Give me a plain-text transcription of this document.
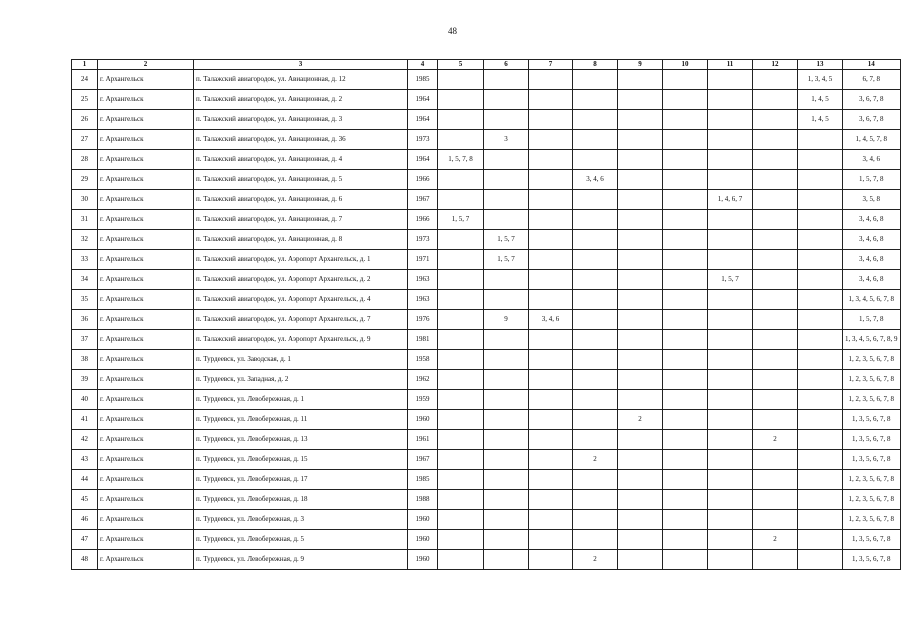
48
1	2	3	4	5	6	7	8	9	10	11	12	13	14
24	г. Архангельск	п. Талажский авиагородок, ул. Авиационная, д. 12	1985									1, 3, 4, 5	6, 7, 8
25	г. Архангельск	п. Талажский авиагородок, ул. Авиационная, д. 2	1964									1, 4, 5	3, 6, 7, 8
26	г. Архангельск	п. Талажский авиагородок, ул. Авиационная, д. 3	1964									1, 4, 5	3, 6, 7, 8
27	г. Архангельск	п. Талажский авиагородок, ул. Авиационная, д. 36	1973		3								1, 4, 5, 7, 8
28	г. Архангельск	п. Талажский авиагородок, ул. Авиационная, д. 4	1964	1, 5, 7, 8									3, 4, 6
29	г. Архангельск	п. Талажский авиагородок, ул. Авиационная, д. 5	1966				3, 4, 6						1, 5, 7, 8
30	г. Архангельск	п. Талажский авиагородок, ул. Авиационная, д. 6	1967							1, 4, 6, 7			3, 5, 8
31	г. Архангельск	п. Талажский авиагородок, ул. Авиационная, д. 7	1966	1, 5, 7									3, 4, 6, 8
32	г. Архангельск	п. Талажский авиагородок, ул. Авиационная, д. 8	1973		1, 5, 7								3, 4, 6, 8
33	г. Архангельск	п. Талажский авиагородок, ул. Аэропорт Архангельск, д. 1	1971		1, 5, 7								3, 4, 6, 8
34	г. Архангельск	п. Талажский авиагородок, ул. Аэропорт Архангельск, д. 2	1963							1, 5, 7			3, 4, 6, 8
35	г. Архангельск	п. Талажский авиагородок, ул. Аэропорт Архангельск, д. 4	1963										1, 3, 4, 5, 6, 7, 8
36	г. Архангельск	п. Талажский авиагородок, ул. Аэропорт Архангельск, д. 7	1976		9	3, 4, 6							1, 5, 7, 8
37	г. Архангельск	п. Талажский авиагородок, ул. Аэропорт Архангельск, д. 9	1981										1, 3, 4, 5, 6, 7, 8, 9
38	г. Архангельск	п. Турдеевск, ул. Заводская, д. 1	1958										1, 2, 3, 5, 6, 7, 8
39	г. Архангельск	п. Турдеевск, ул. Западная, д. 2	1962										1, 2, 3, 5, 6, 7, 8
40	г. Архангельск	п. Турдеевск, ул. Левобережная, д. 1	1959										1, 2, 3, 5, 6, 7, 8
41	г. Архангельск	п. Турдеевск, ул. Левобережная, д. 11	1960					2					1, 3, 5, 6, 7, 8
42	г. Архангельск	п. Турдеевск, ул. Левобережная, д. 13	1961								2		1, 3, 5, 6, 7, 8
43	г. Архангельск	п. Турдеевск, ул. Левобережная, д. 15	1967				2						1, 3, 5, 6, 7, 8
44	г. Архангельск	п. Турдеевск, ул. Левобережная, д. 17	1985										1, 2, 3, 5, 6, 7, 8
45	г. Архангельск	п. Турдеевск, ул. Левобережная, д. 18	1988										1, 2, 3, 5, 6, 7, 8
46	г. Архангельск	п. Турдеевск, ул. Левобережная, д. 3	1960										1, 2, 3, 5, 6, 7, 8
47	г. Архангельск	п. Турдеевск, ул. Левобережная, д. 5	1960								2		1, 3, 5, 6, 7, 8
48	г. Архангельск	п. Турдеевск, ул. Левобережная, д. 9	1960				2						1, 3, 5, 6, 7, 8
